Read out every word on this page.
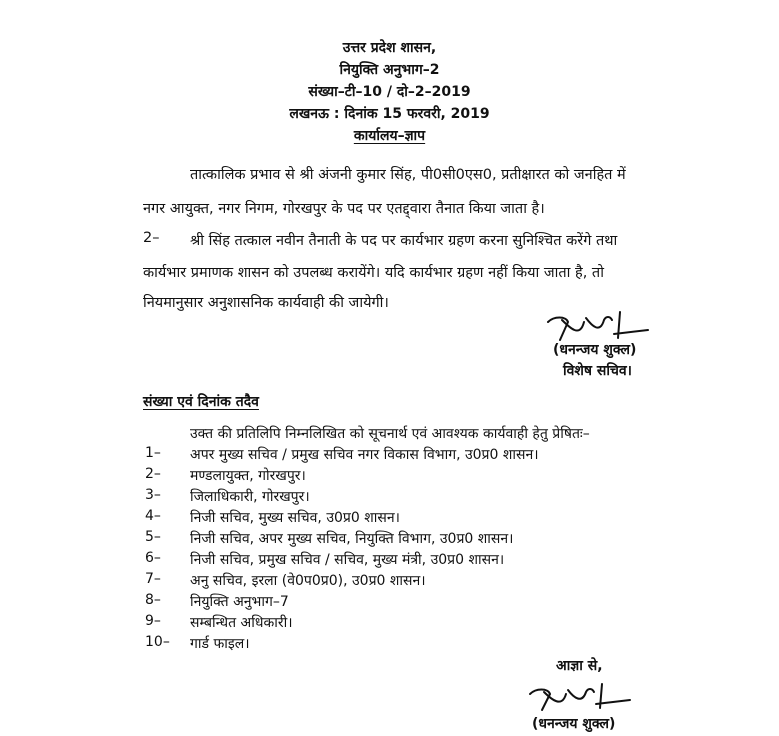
उत्तर प्रदेश शासन,
नियुक्ति अनुभाग–2
संख्या–टी–10 / दो–2–2019
लखनऊ : दिनांक 15 फरवरी, 2019
कार्यालय–ज्ञाप
तात्कालिक प्रभाव से श्री अंजनी कुमार सिंह, पी0सी0एस0, प्रतीक्षारत को जनहित में
नगर आयुक्त, नगर निगम, गोरखपुर के पद पर एतद्द्वारा तैनात किया जाता है।
2– श्री सिंह तत्काल नवीन तैनाती के पद पर कार्यभार ग्रहण करना सुनिश्चित करेंगे तथा
कार्यभार प्रमाणक शासन को उपलब्ध करायेंगे। यदि कार्यभार ग्रहण नहीं किया जाता है, तो
नियमानुसार अनुशासनिक कार्यवाही की जायेगी।
(धनन्जय शुक्ल)
विशेष सचिव।
संख्या एवं दिनांक तदैव
उक्त की प्रतिलिपि निम्नलिखित को सूचनार्थ एवं आवश्यक कार्यवाही हेतु प्रेषितः–
1– अपर मुख्य सचिव / प्रमुख सचिव नगर विकास विभाग, उ0प्र0 शासन।
2– मण्डलायुक्त, गोरखपुर।
3– जिलाधिकारी, गोरखपुर।
4– निजी सचिव, मुख्य सचिव, उ0प्र0 शासन।
5– निजी सचिव, अपर मुख्य सचिव, नियुक्ति विभाग, उ0प्र0 शासन।
6– निजी सचिव, प्रमुख सचिव / सचिव, मुख्य मंत्री, उ0प्र0 शासन।
7– अनु सचिव, इरला (वे0प0प्र0), उ0प्र0 शासन।
8– नियुक्ति अनुभाग–7
9– सम्बन्धित अधिकारी।
10– गार्ड फाइल।
आज्ञा से,
(धनन्जय शुक्ल)
